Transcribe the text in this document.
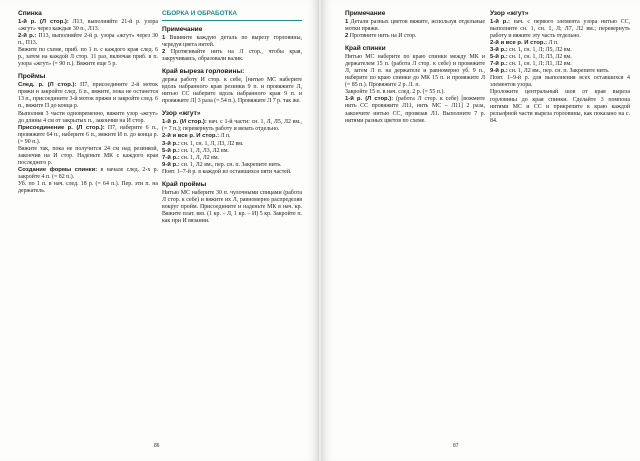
Спинка

1-й р. (Л стор.): Л13, выполняйте 21-й р. узора «жгут» через каждые 30 п., Л13.

2-й р.: П13, выполняйте 2-й р. узора «жгут» через 30 п., П13.

Вяжите по схеме, приб. по 1 п. с каждого края след. 6 р., затем на каждой Л стор. 11 раз, включая приб. в п. узора «жгут» (= 90 п.). Вяжите еще 5 р.

Проймы

След. р. (Л стор.): П7, присоедините 2-й моток пряжи и закройте след. 6 п., вяжите, пока не останется 13 п., присоедините 3-й моток пряжи и закройте след. 6 п., вяжите П до конца р.

Выполняя 3 части одновременно, вяжите узор «жгут» до длины 4 см от закрытых п., закончив на И стор.

Присоединение р. (Л стор.): П7, наберите 6 п., провяжите 64 п., наберите 6 п., вяжите И п. до конца р. (= 90 п.).

Вяжите так, пока не получится 24 см над резинкой, закончив на И стор. Наденьте МК с каждого края последнего р.

Создание формы спинки: в начале след. 2-х р. закройте 4 п. (= 82 п.).

Уб. по 1 п. в нач. след. 18 р. (= 64 п.). Пер. эти п. на держатель.

СБОРКА И ОБРАБОТКА
Примечание

1 Вшивите каждую деталь по вырезу горловины, чередуя цвета нитей.

2 Протягивайте нить на Л стор., чтобы края, закручиваясь, образовали валик.

Край выреза горловины:

держа работу И стор. к себе, [нитью МС наберите вдоль набранного края резинки 9 п. и провяжите Л, нитью СС наберите вдоль набранного края 9 п. и провяжите Л] 3 раза (= 54 п.). Провяжите Л 7 р. так же.

Узор «жгут»

1-й р. (И стор.): нач. с 1-й части: сн. 1, Л, Л5, Л2 вм., (= 7 п.); перевернуть работу и вязать отдельно.

2-й и все р. И стор.: Л п.

3-й р.: сн. 1, сн. 1, Л, Л3, Л2 вм.

5-й р.: сн. 1, Л, Л3, Л2 вм.

7-й р.: сн. 1, Л, Л2 вм.

9-й р.: сн. 1, Л2 вм., пер. сн. п. Закрепите нить.

Повт. 1–7-й р. в каждой из оставшихся пяти частей.

Край проймы

Нитью МС наберите 30 п. чулочными спицами (работа Л стор. к себе) и вяжите их Л, равномерно распределяя вокруг пройм. Присоедините и наденьте МК в нач. кр. Вяжите плат. вяз. (1 кр. – Л, 1 кр. – И) 5 кр. Закройте п. как при И вязании.

86
Примечание

1 Детали разных цветов вяжите, используя отдельные мотки пряжи.

2 Протяните нить на И стор.

Край спинки

Нитью МС наберите по краю спинки между МК и держателем 15 п. (работа Л стор. к себе) и провяжите Л, затем Л п. на держателе и равномерно уб. 9 п., наберите по краю спинки до МК 15 п. и провяжите Л (= 85 п.). Провяжите 2 р. Л. п.

Закройте 15 п. в нач. след. 2 р. (= 55 п.).

1-й р. (Л стор.): (работа Л стор. к себе) [вожмите нить СС провяжите Л11, нить МС – Л11] 2 раза, закончите нитью СС, провязав Л1. Выполните 7 р. нитями разных цветов по схеме.

Узор «жгут»

1-й р.: нач. с первого элемента узора нитью СС, выполните сн. 1, сн. 1, Л; Л7, Л2 вм.; перевернуть работу и вяжите эту часть отдельно.

2-й и все р. И стор.: Л п.

3-й р.: сн. 1, сн. 1, Л; Л5, Л2 вм.

5-й р.: сн. 1, сн. 1, Л; Л3, Л2 вм.

7-й р.: сн. 1, сн. 1, Л; Л1, Л2 вм.

9-й р.: сн. 1, Л2 вм., пер. сн. п. Закрепите нить.

Повт. 1–9-й р. для выполнения всех оставшихся 4 элементов узора.

Проложите центральный шов от края выреза горловины до края спинки. Сделайте 3 помпона нитями МС и СС и прикрепите к краю каждой рельефной части выреза горловины, как показано на с. 84.

87
